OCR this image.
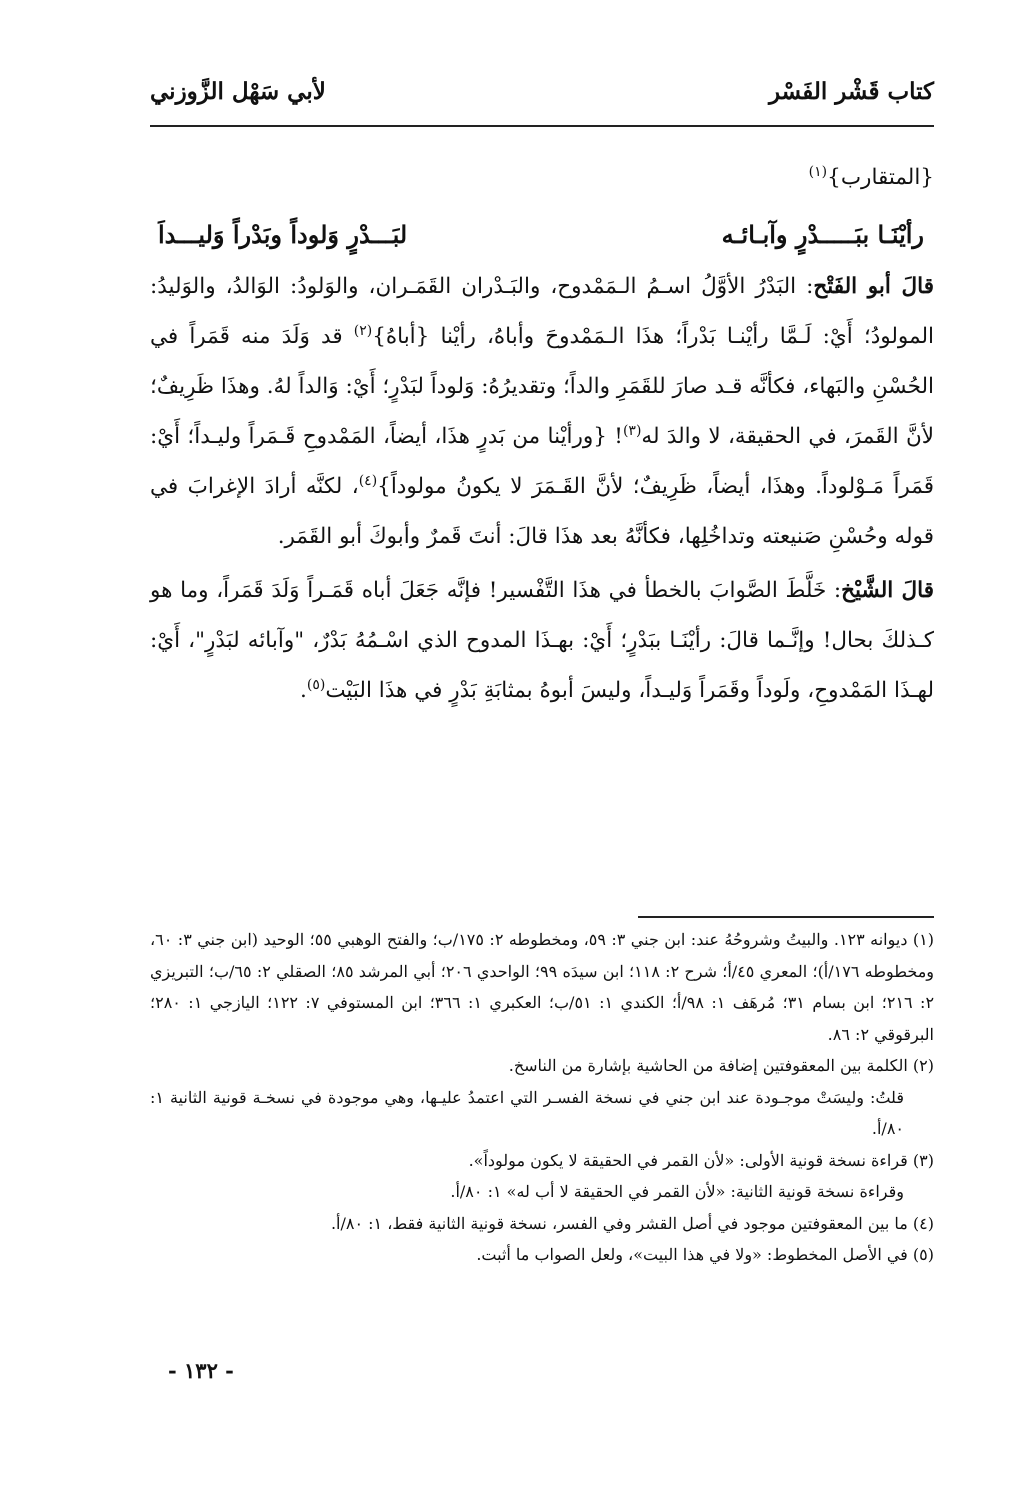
كتاب قَشْر الفَسْر
لأبي سَهْل الزَّوزني
{المتقارب}$^{(١)}$
رأيْنَـا ببَـــــدْرٍ وآبـائـه
لبَـــدْرٍ وَلوداً وبَدْراً وَليـــداَ

قالَ أبو الفَتْح: البَدْرُ الأوَّلُ اسـمُ الـمَمْدوح، والبَـدْران القَمَـران، والوَلودُ: الوَالدُ، والوَليدُ: المولودُ؛ أَيْ: لَـمَّا رأيْنـا بَدْراً؛ هذَا الـمَمْدوحَ وأباهُ، رأيْنا {أباهُ}$^{(٢)}$ قد وَلَدَ منه قَمَراً في الحُسْنِ والبَهاء، فكأنَّه قـد صارَ للقَمَرِ والداً؛ وتقديرُهُ: وَلوداً لبَدْرٍ؛ أَيْ: وَالداً لهُ. وهذَا ظَرِيفٌ؛ لأنَّ القَمرَ، في الحقيقة، لا والدَ له$^{(٣)}$! {ورأيْنا من بَدرٍ هذَا، أيضاً، المَمْدوحِ قَـمَراً وليـداً؛ أَيْ: قَمَراً مَـوْلوداً. وهذَا، أيضاً، ظَرِيفٌ؛ لأنَّ القَـمَرَ لا يكونُ مولوداً}$^{(٤)}$، لكنَّه أرادَ الإغرابَ في قوله وحُسْنِ صَنيعته وتداخُلِها، فكأنَّهُ بعد هذَا قالَ: أنتَ قَمرٌ وأبوكَ أبو القَمَر.

قالَ الشَّيْخ: خَلَّطَ الصَّوابَ بالخطأ في هذَا التَّفْسير! فإنَّه جَعَلَ أباه قَمَـراً وَلَدَ قَمَراً، وما هو كـذلكَ بحال! وإنَّـما قالَ: رأيْنَـا ببَدْرٍ؛ أَيْ: بهـذَا المدوح الذي اسْـمُهُ بَدْرٌ، "وآبائه لبَدْرٍ"، أَيْ: لهـذَا المَمْدوحِ، ولَوداً وقَمَراً وَليـداً، وليسَ أبوهُ بمثابَةِ بَدْرٍ في هذَا البَيْت$^{(٥)}$.

(١) ديوانه ١٢٣. والبيتُ وشروحُهُ عند: ابن جني ٣: ٥٩، ومخطوطه ٢: ١٧٥/ب؛ والفتح الوهبي ٥٥؛ الوحيد (ابن جني ٣: ٦٠، ومخطوطه ١٧٦/أ)؛ المعري ٤٥/أ؛ شرح ٢: ١١٨؛ ابن سيدَه ٩٩؛ الواحدي ٢٠٦؛ أبي المرشد ٨٥؛ الصقلي ٢: ٦٥/ب؛ التبريزي ٢: ٢١٦؛ ابن بسام ٣١؛ مُرهَف ١: ٩٨/أ؛ الكندي ١: ٥١/ب؛ العكبري ١: ٣٦٦؛ ابن المستوفي ٧: ١٢٢؛ اليازجي ١: ٢٨٠؛ البرقوقي ٢: ٨٦.

(٢) الكلمة بين المعقوفتين إضافة من الحاشية بإشارة من الناسخ.

قلتُ: وليسَتْ موجـودة عند ابن جني في نسخة الفسـر التي اعتمدُ عليـها، وهي موجودة في نسخـة قونية الثانية ١: ٨٠/أ.

(٣) قراءة نسخة قونية الأولى: «لأن القمر في الحقيقة لا يكون مولوداً».

وقراءة نسخة قونية الثانية: «لأن القمر في الحقيقة لا أب له» ١: ٨٠/أ.

(٤) ما بين المعقوفتين موجود في أصل القشر وفي الفسر، نسخة قونية الثانية فقط، ١: ٨٠/أ.

(٥) في الأصل المخطوط: «ولا في هذا البيت»، ولعل الصواب ما أثبت.

- ١٣٢ -
